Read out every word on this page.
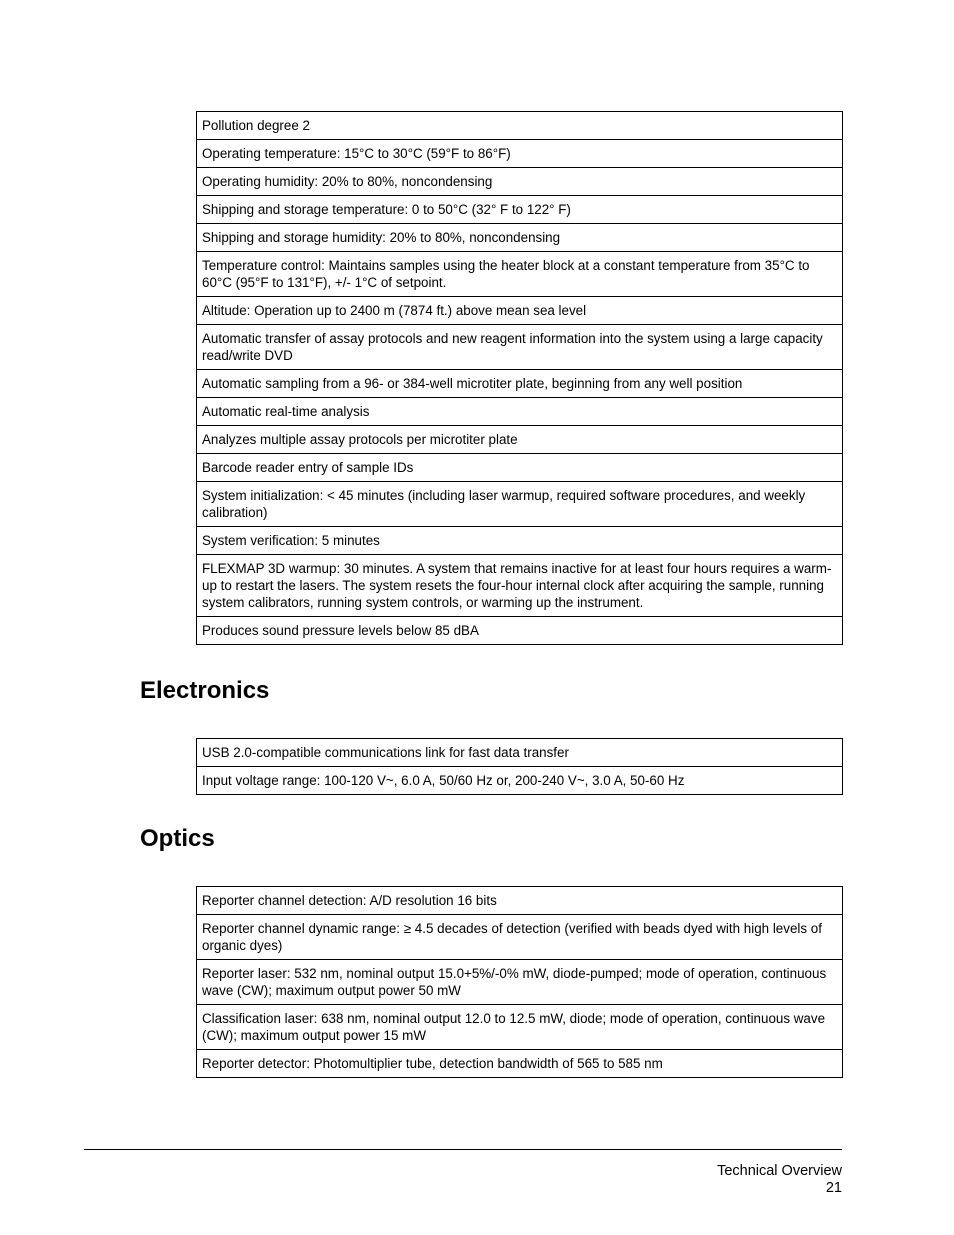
Pollution degree 2
Operating temperature: 15°C to 30°C (59°F to 86°F)
Operating humidity: 20% to 80%, noncondensing
Shipping and storage temperature: 0 to 50°C (32° F to 122° F)
Shipping and storage humidity: 20% to 80%, noncondensing
Temperature control: Maintains samples using the heater block at a constant temperature from 35°C to 60°C (95°F to 131°F), +/- 1°C of setpoint.
Altitude: Operation up to 2400 m (7874 ft.) above mean sea level
Automatic transfer of assay protocols and new reagent information into the system using a large capacity read/write DVD
Automatic sampling from a 96- or 384-well microtiter plate, beginning from any well position
Automatic real-time analysis
Analyzes multiple assay protocols per microtiter plate
Barcode reader entry of sample IDs
System initialization: < 45 minutes (including laser warmup, required software procedures, and weekly calibration)
System verification: 5 minutes
FLEXMAP 3D warmup: 30 minutes. A system that remains inactive for at least four hours requires a warm-up to restart the lasers. The system resets the four-hour internal clock after acquiring the sample, running system calibrators, running system controls, or warming up the instrument.
Produces sound pressure levels below 85 dBA
Electronics
USB 2.0-compatible communications link for fast data transfer
Input voltage range: 100-120 V~, 6.0 A, 50/60 Hz or, 200-240 V~, 3.0 A, 50-60 Hz
Optics
Reporter channel detection: A/D resolution 16 bits
Reporter channel dynamic range: ≥ 4.5 decades of detection (verified with beads dyed with high levels of organic dyes)
Reporter laser: 532 nm, nominal output 15.0+5%/-0% mW, diode-pumped; mode of operation, continuous wave (CW); maximum output power 50 mW
Classification laser: 638 nm, nominal output 12.0 to 12.5 mW, diode; mode of operation, continuous wave (CW); maximum output power 15 mW
Reporter detector: Photomultiplier tube, detection bandwidth of 565 to 585 nm
Technical Overview
21
